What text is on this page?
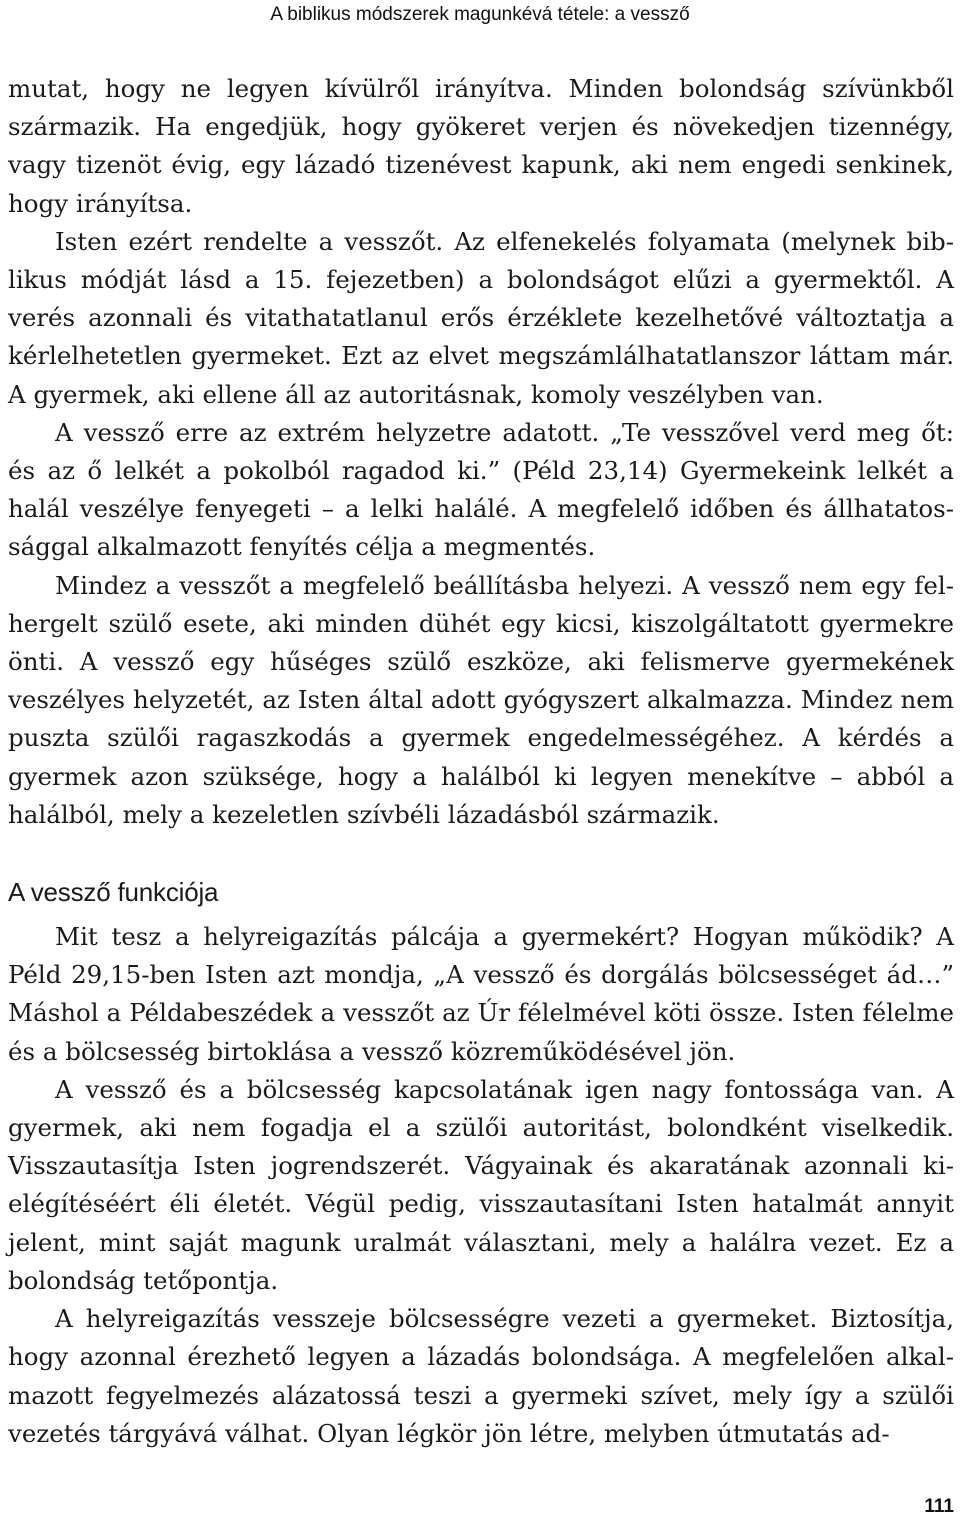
A biblikus módszerek magunkévá tétele: a vessző

mutat, hogy ne legyen kívülről irányítva. Minden bolondság szívünkből származik. Ha engedjük, hogy gyökeret verjen és növekedjen tizennégy, vagy tizenöt évig, egy lázadó tizenévest kapunk, aki nem engedi senkinek, hogy irányítsa.

Isten ezért rendelte a vesszőt. Az elfenekelés folyamata (melynek biblikus módját lásd a 15. fejezetben) a bolondságot elűzi a gyermektől. A verés azonnali és vitathatatlanul erős érzéklete kezelhetővé változtatja a kérlelhetetlen gyermeket. Ezt az elvet megszámlálhatatlanszor láttam már. A gyermek, aki ellene áll az autoritásnak, komoly veszélyben van.

A vessző erre az extrém helyzetre adatott. „Te vesszővel verd meg őt: és az ő lelkét a pokolból ragadod ki.” (Péld 23,14) Gyermekeink lelkét a halál veszélye fenyegeti – a lelki halálé. A megfelelő időben és állhatatossággal alkalmazott fenyítés célja a megmentés.

Mindez a vesszőt a megfelelő beállításba helyezi. A vessző nem egy felhergelt szülő esete, aki minden dühét egy kicsi, kiszolgáltatott gyermekre önti. A vessző egy hűséges szülő eszköze, aki felismerve gyermekének veszélyes helyzetét, az Isten által adott gyógyszert alkalmazza. Mindez nem puszta szülői ragaszkodás a gyermek engedelmességéhez. A kérdés a gyermek azon szüksége, hogy a halálból ki legyen menekítve – abból a halálból, mely a kezeletlen szívbéli lázadásból származik.

A vessző funkciója

Mit tesz a helyreigazítás pálcája a gyermekért? Hogyan működik? A Péld 29,15-ben Isten azt mondja, „A vessző és dorgálás bölcsességet ád…” Máshol a Példabeszédek a vesszőt az Úr félelmével köti össze. Isten félelme és a bölcsesség birtoklása a vessző közreműködésével jön.

A vessző és a bölcsesség kapcsolatának igen nagy fontossága van. A gyermek, aki nem fogadja el a szülői autoritást, bolondként viselkedik. Visszautasítja Isten jogrendszerét. Vágyainak és akaratának azonnali kielégítéséért éli életét. Végül pedig, visszautasítani Isten hatalmát annyit jelent, mint saját magunk uralmát választani, mely a halálra vezet. Ez a bolondság tetőpontja.

A helyreigazítás vesszeje bölcsességre vezeti a gyermeket. Biztosítja, hogy azonnal érezhető legyen a lázadás bolondsága. A megfelelően alkalmazott fegyelmezés alázatossá teszi a gyermeki szívet, mely így a szülői vezetés tárgyává válhat. Olyan légkör jön létre, melyben útmutatás ad-

111
